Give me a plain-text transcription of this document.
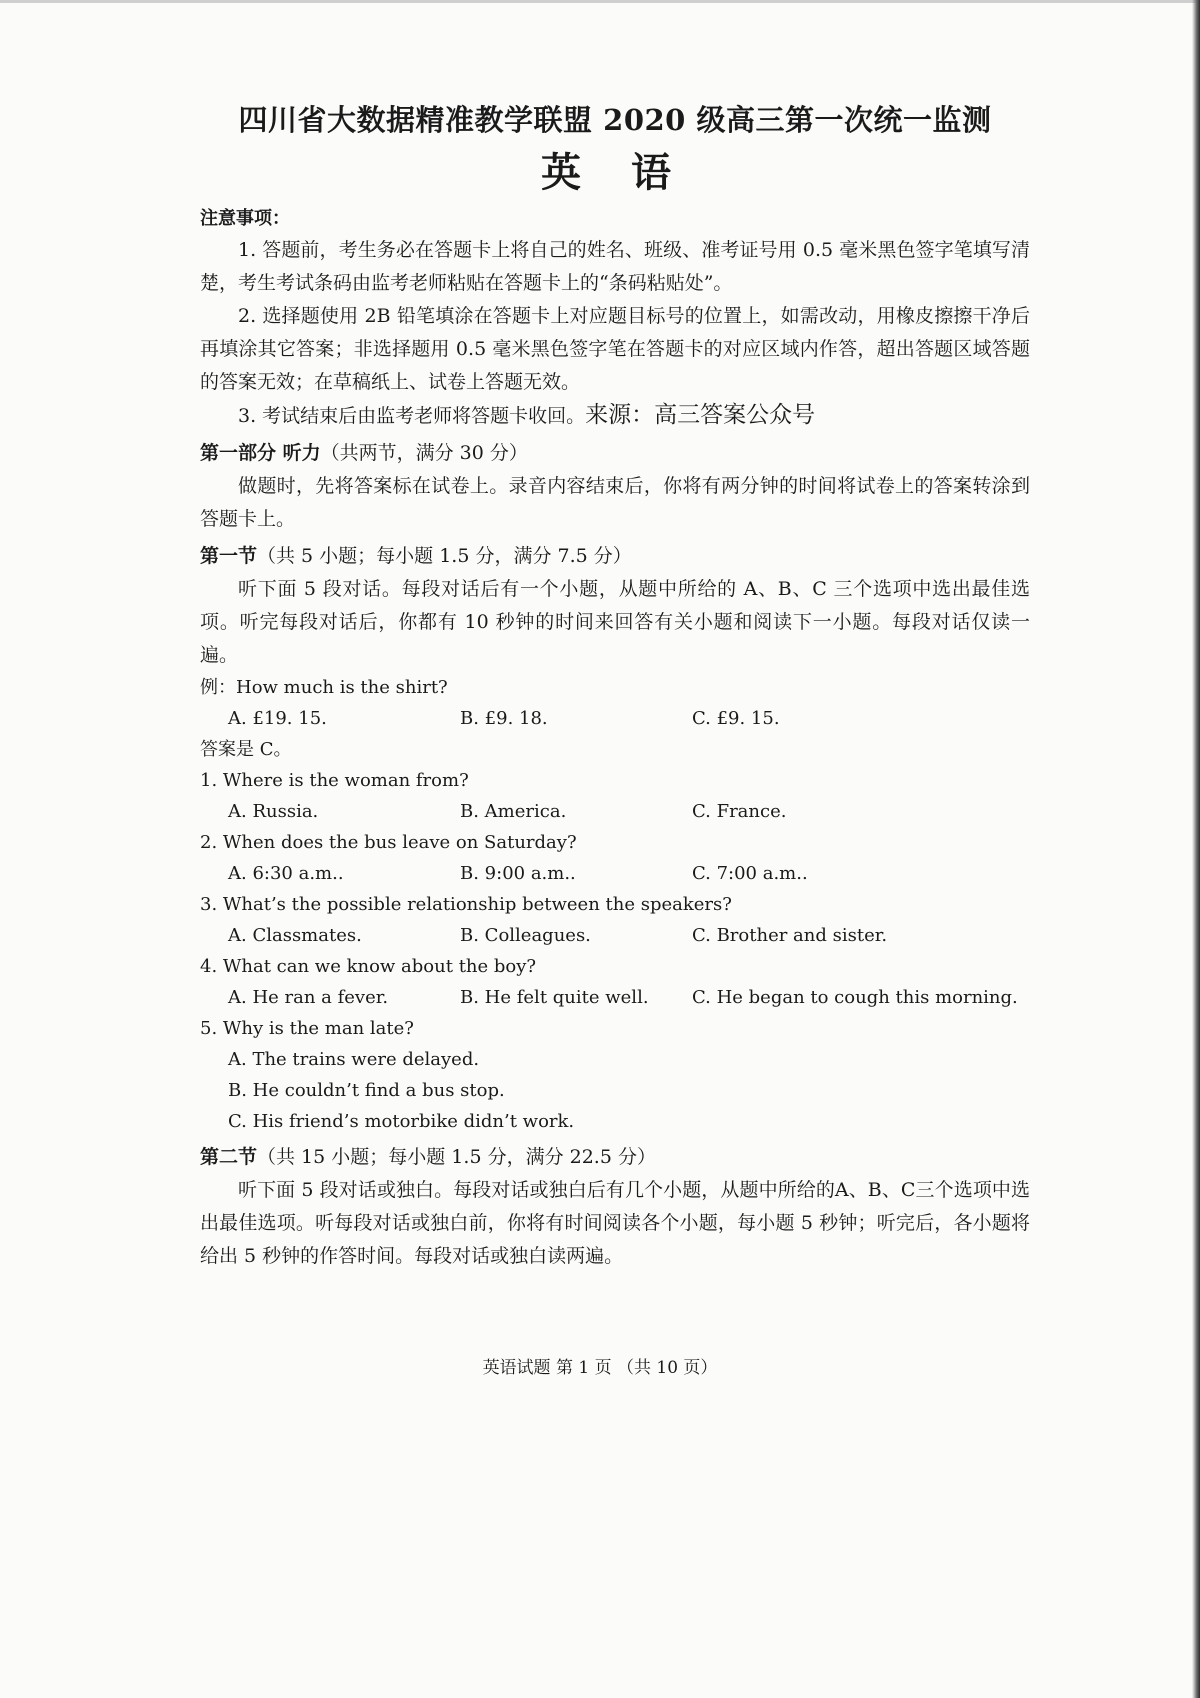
四川省大数据精准教学联盟 2020 级高三第一次统一监测
英 语

注意事项：

1. 答题前，考生务必在答题卡上将自己的姓名、班级、准考证号用 0.5 毫米黑色签字笔填写清楚，考生考试条码由监考老师粘贴在答题卡上的“条码粘贴处”。

2. 选择题使用 2B 铅笔填涂在答题卡上对应题目标号的位置上，如需改动，用橡皮擦擦干净后再填涂其它答案；非选择题用 0.5 毫米黑色签字笔在答题卡的对应区域内作答，超出答题区域答题的答案无效；在草稿纸上、试卷上答题无效。

3. 考试结束后由监考老师将答题卡收回。来源：高三答案公众号

第一部分 听力（共两节，满分 30 分）

做题时，先将答案标在试卷上。录音内容结束后，你将有两分钟的时间将试卷上的答案转涂到答题卡上。

第一节（共 5 小题；每小题 1.5 分，满分 7.5 分）

听下面 5 段对话。每段对话后有一个小题，从题中所给的 A、B、C 三个选项中选出最佳选项。听完每段对话后，你都有 10 秒钟的时间来回答有关小题和阅读下一小题。每段对话仅读一遍。

例：How much is the shirt?

A. £19. 15.	B. £9. 18.	C. £9. 15.

答案是 C。

1. Where is the woman from?

A. Russia.	B. America.	C. France.

2. When does the bus leave on Saturday?

A. 6:30 a.m..	B. 9:00 a.m..	C. 7:00 a.m..

3. What’s the possible relationship between the speakers?

A. Classmates.	B. Colleagues.	C. Brother and sister.

4. What can we know about the boy?

A. He ran a fever.	B. He felt quite well.	C. He began to cough this morning.

5. Why is the man late?

A. The trains were delayed.

B. He couldn’t find a bus stop.

C. His friend’s motorbike didn’t work.

第二节（共 15 小题；每小题 1.5 分，满分 22.5 分）

听下面 5 段对话或独白。每段对话或独白后有几个小题，从题中所给的A、B、C三个选项中选出最佳选项。听每段对话或独白前，你将有时间阅读各个小题，每小题 5 秒钟；听完后，各小题将给出 5 秒钟的作答时间。每段对话或独白读两遍。

英语试题 第 1 页 （共 10 页）
